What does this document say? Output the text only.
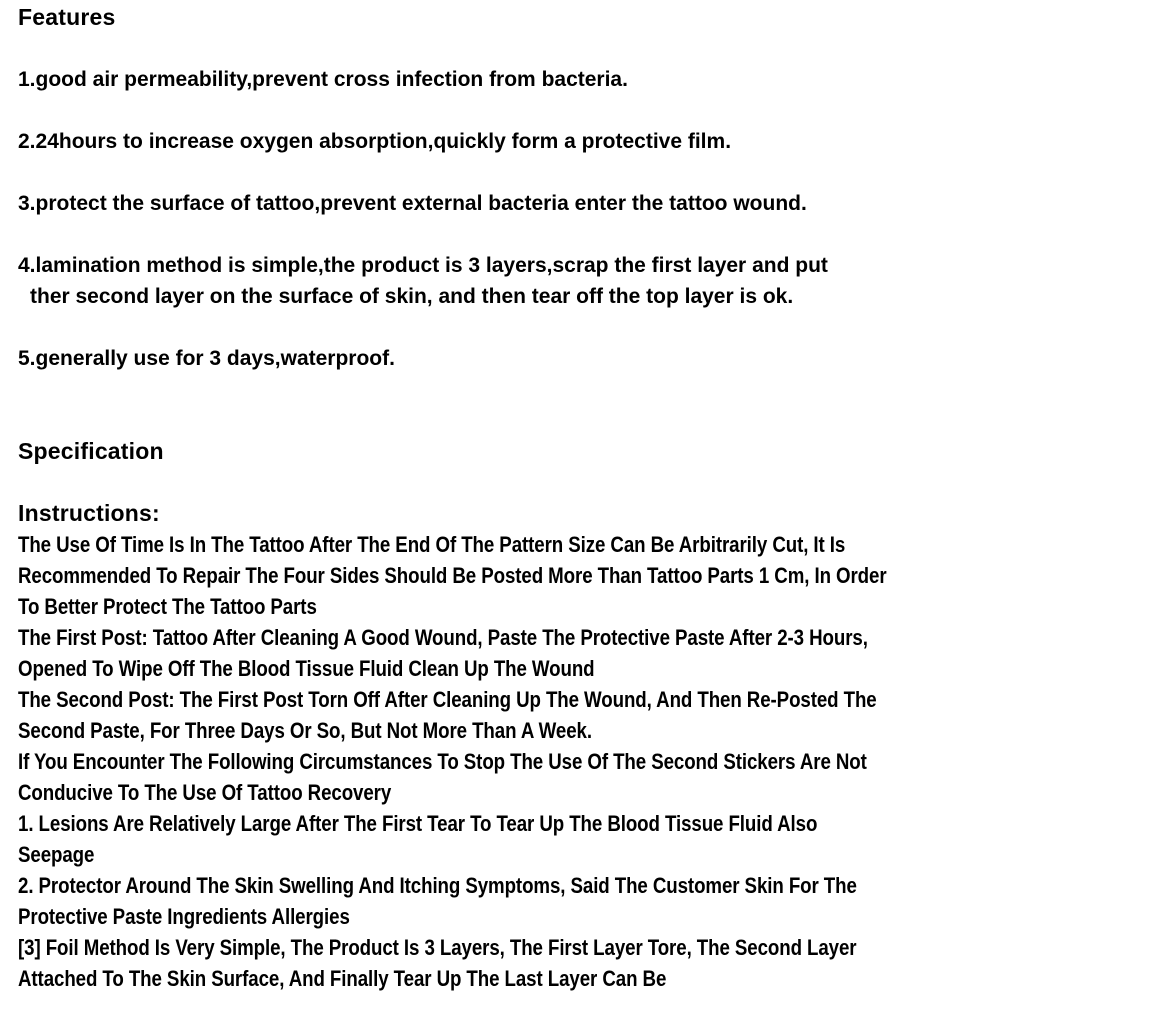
Features
1.good air permeability,prevent cross infection from bacteria.
2.24hours to increase oxygen absorption,quickly form a protective film.
3.protect the surface of tattoo,prevent external bacteria enter the tattoo wound.
4.lamination method is simple,the product is 3 layers,scrap the first layer and put
ther second layer on the surface of skin, and then tear off the top layer is ok.
5.generally use for 3 days,waterproof.
Specification
Instructions:
The Use Of Time Is In The Tattoo After The End Of The Pattern Size Can Be Arbitrarily Cut, It Is
Recommended To Repair The Four Sides Should Be Posted More Than Tattoo Parts 1 Cm, In Order
To Better Protect The Tattoo Parts
The First Post: Tattoo After Cleaning A Good Wound, Paste The Protective Paste After 2-3 Hours,
Opened To Wipe Off The Blood Tissue Fluid Clean Up The Wound
The Second Post: The First Post Torn Off After Cleaning Up The Wound, And Then Re-Posted The
Second Paste, For Three Days Or So, But Not More Than A Week.
If You Encounter The Following Circumstances To Stop The Use Of The Second Stickers Are Not
Conducive To The Use Of Tattoo Recovery
1. Lesions Are Relatively Large After The First Tear To Tear Up The Blood Tissue Fluid Also
Seepage
2. Protector Around The Skin Swelling And Itching Symptoms, Said The Customer Skin For The
Protective Paste Ingredients Allergies
[3] Foil Method Is Very Simple, The Product Is 3 Layers, The First Layer Tore, The Second Layer
Attached To The Skin Surface, And Finally Tear Up The Last Layer Can Be
